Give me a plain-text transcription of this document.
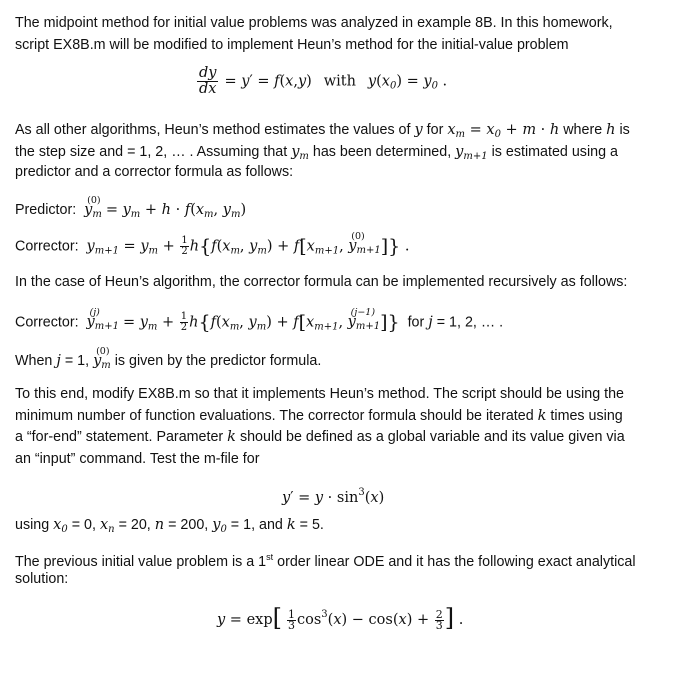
The midpoint method for initial value problems was analyzed in example 8B. In this homework,
script EX8B.m will be modified to implement Heun’s method for the initial-value problem
$\frac{dy}{dx} = y' = f(x,y)$ with $y(x_0) = y_0$ .
As all other algorithms, Heun’s method estimates the values of y for $x_m = x_0 + m \cdot h$ where h is
the step size and = 1, 2, … . Assuming that $y_m$ has been determined, $y_{m+1}$ is estimated using a
predictor and a corrector formula as follows:
Predictor: $y_m$
(0)
= $y_m + h \cdot f(x_m$, $y_m$)
Corrector: $y_{m+1} = y_m + \frac{1}{2} h\{f(x_m$, $y_m) + f[x_{m+1}$, $y_{m+1}$
(0) ]} .
In the case of Heun’s algorithm, the corrector formula can be implemented recursively as follows:
Corrector: $y_{m+1}$
(j)
= $y_m + \frac{1}{2} h\{f(x_m$, $y_m) + f[x_{m+1}$, $y_{m+1}$
(j−1) ]} for j = 1, 2, … .
When j = 1, $y_m$
(0)
is given by the predictor formula.
To this end, modify EX8B.m so that it implements Heun’s method. The script should be using the
minimum number of function evaluations. The corrector formula should be iterated k times using
a “for-end” statement. Parameter k should be defined as a global variable and its value given via
an “input” command. Test the m-file for
$y' = y \cdot \sin^3(x)$
using $x_0 = 0$, $x_n = 20$, n = 200, $y_0 = 1$, and k = 5.
The previous initial value problem is a 1st order linear ODE and it has the following exact analytical
solution:
$y = \exp[ \frac{1}{3} \cos^3(x) - \cos(x) + \frac{2}{3}$ ] .
